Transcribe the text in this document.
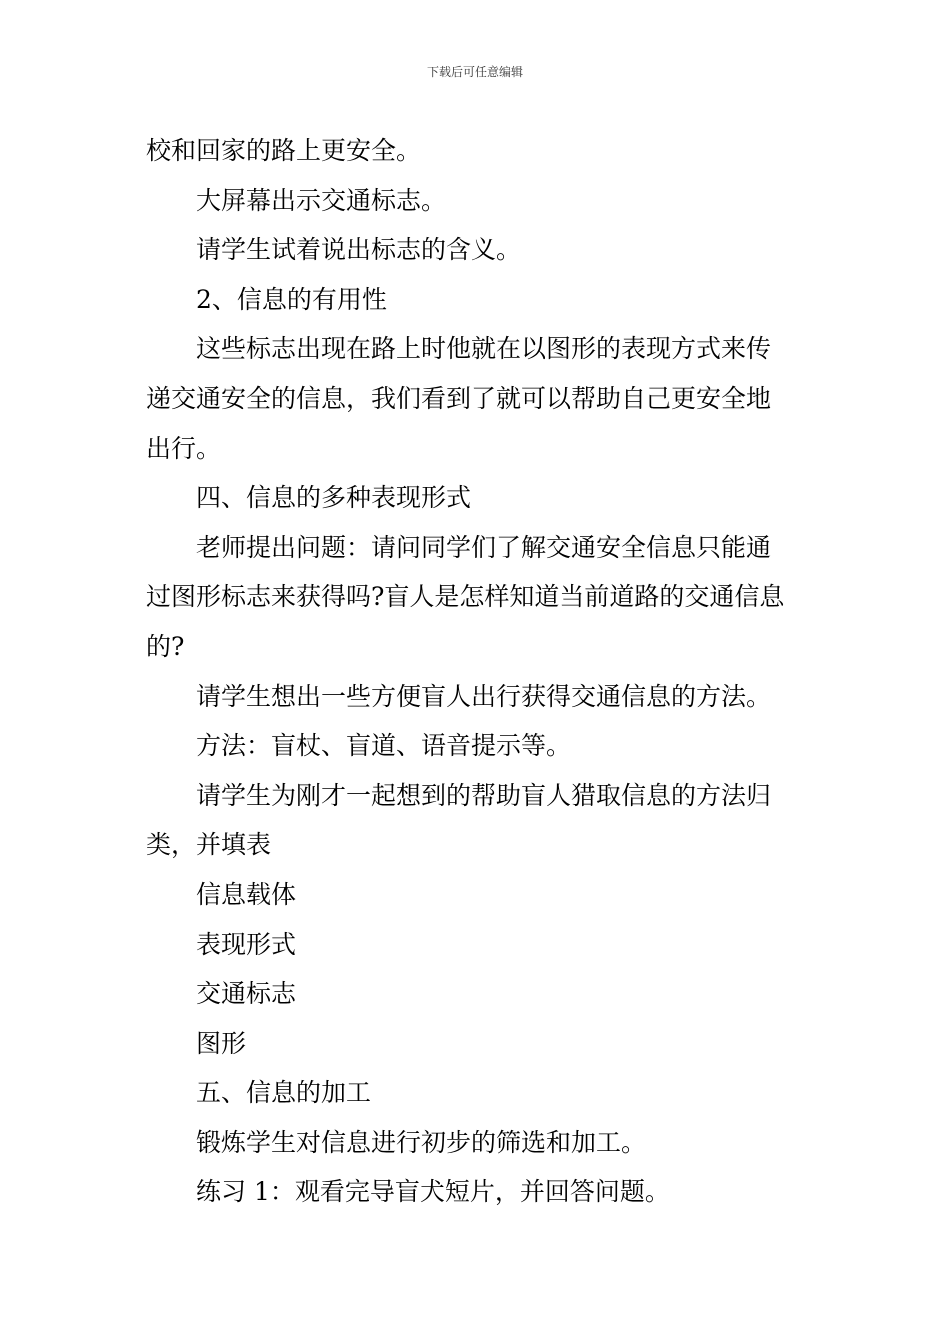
下载后可任意编辑
校和回家的路上更安全。
大屏幕出示交通标志。
请学生试着说出标志的含义。
2、信息的有用性
这些标志出现在路上时他就在以图形的表现方式来传
递交通安全的信息，我们看到了就可以帮助自己更安全地
出行。
四、信息的多种表现形式
老师提出问题：请问同学们了解交通安全信息只能通
过图形标志来获得吗?盲人是怎样知道当前道路的交通信息
的?
请学生想出一些方便盲人出行获得交通信息的方法。
方法：盲杖、盲道、语音提示等。
请学生为刚才一起想到的帮助盲人猎取信息的方法归
类，并填表
信息载体
表现形式
交通标志
图形
五、信息的加工
锻炼学生对信息进行初步的筛选和加工。
练习 1：观看完导盲犬短片，并回答问题。
